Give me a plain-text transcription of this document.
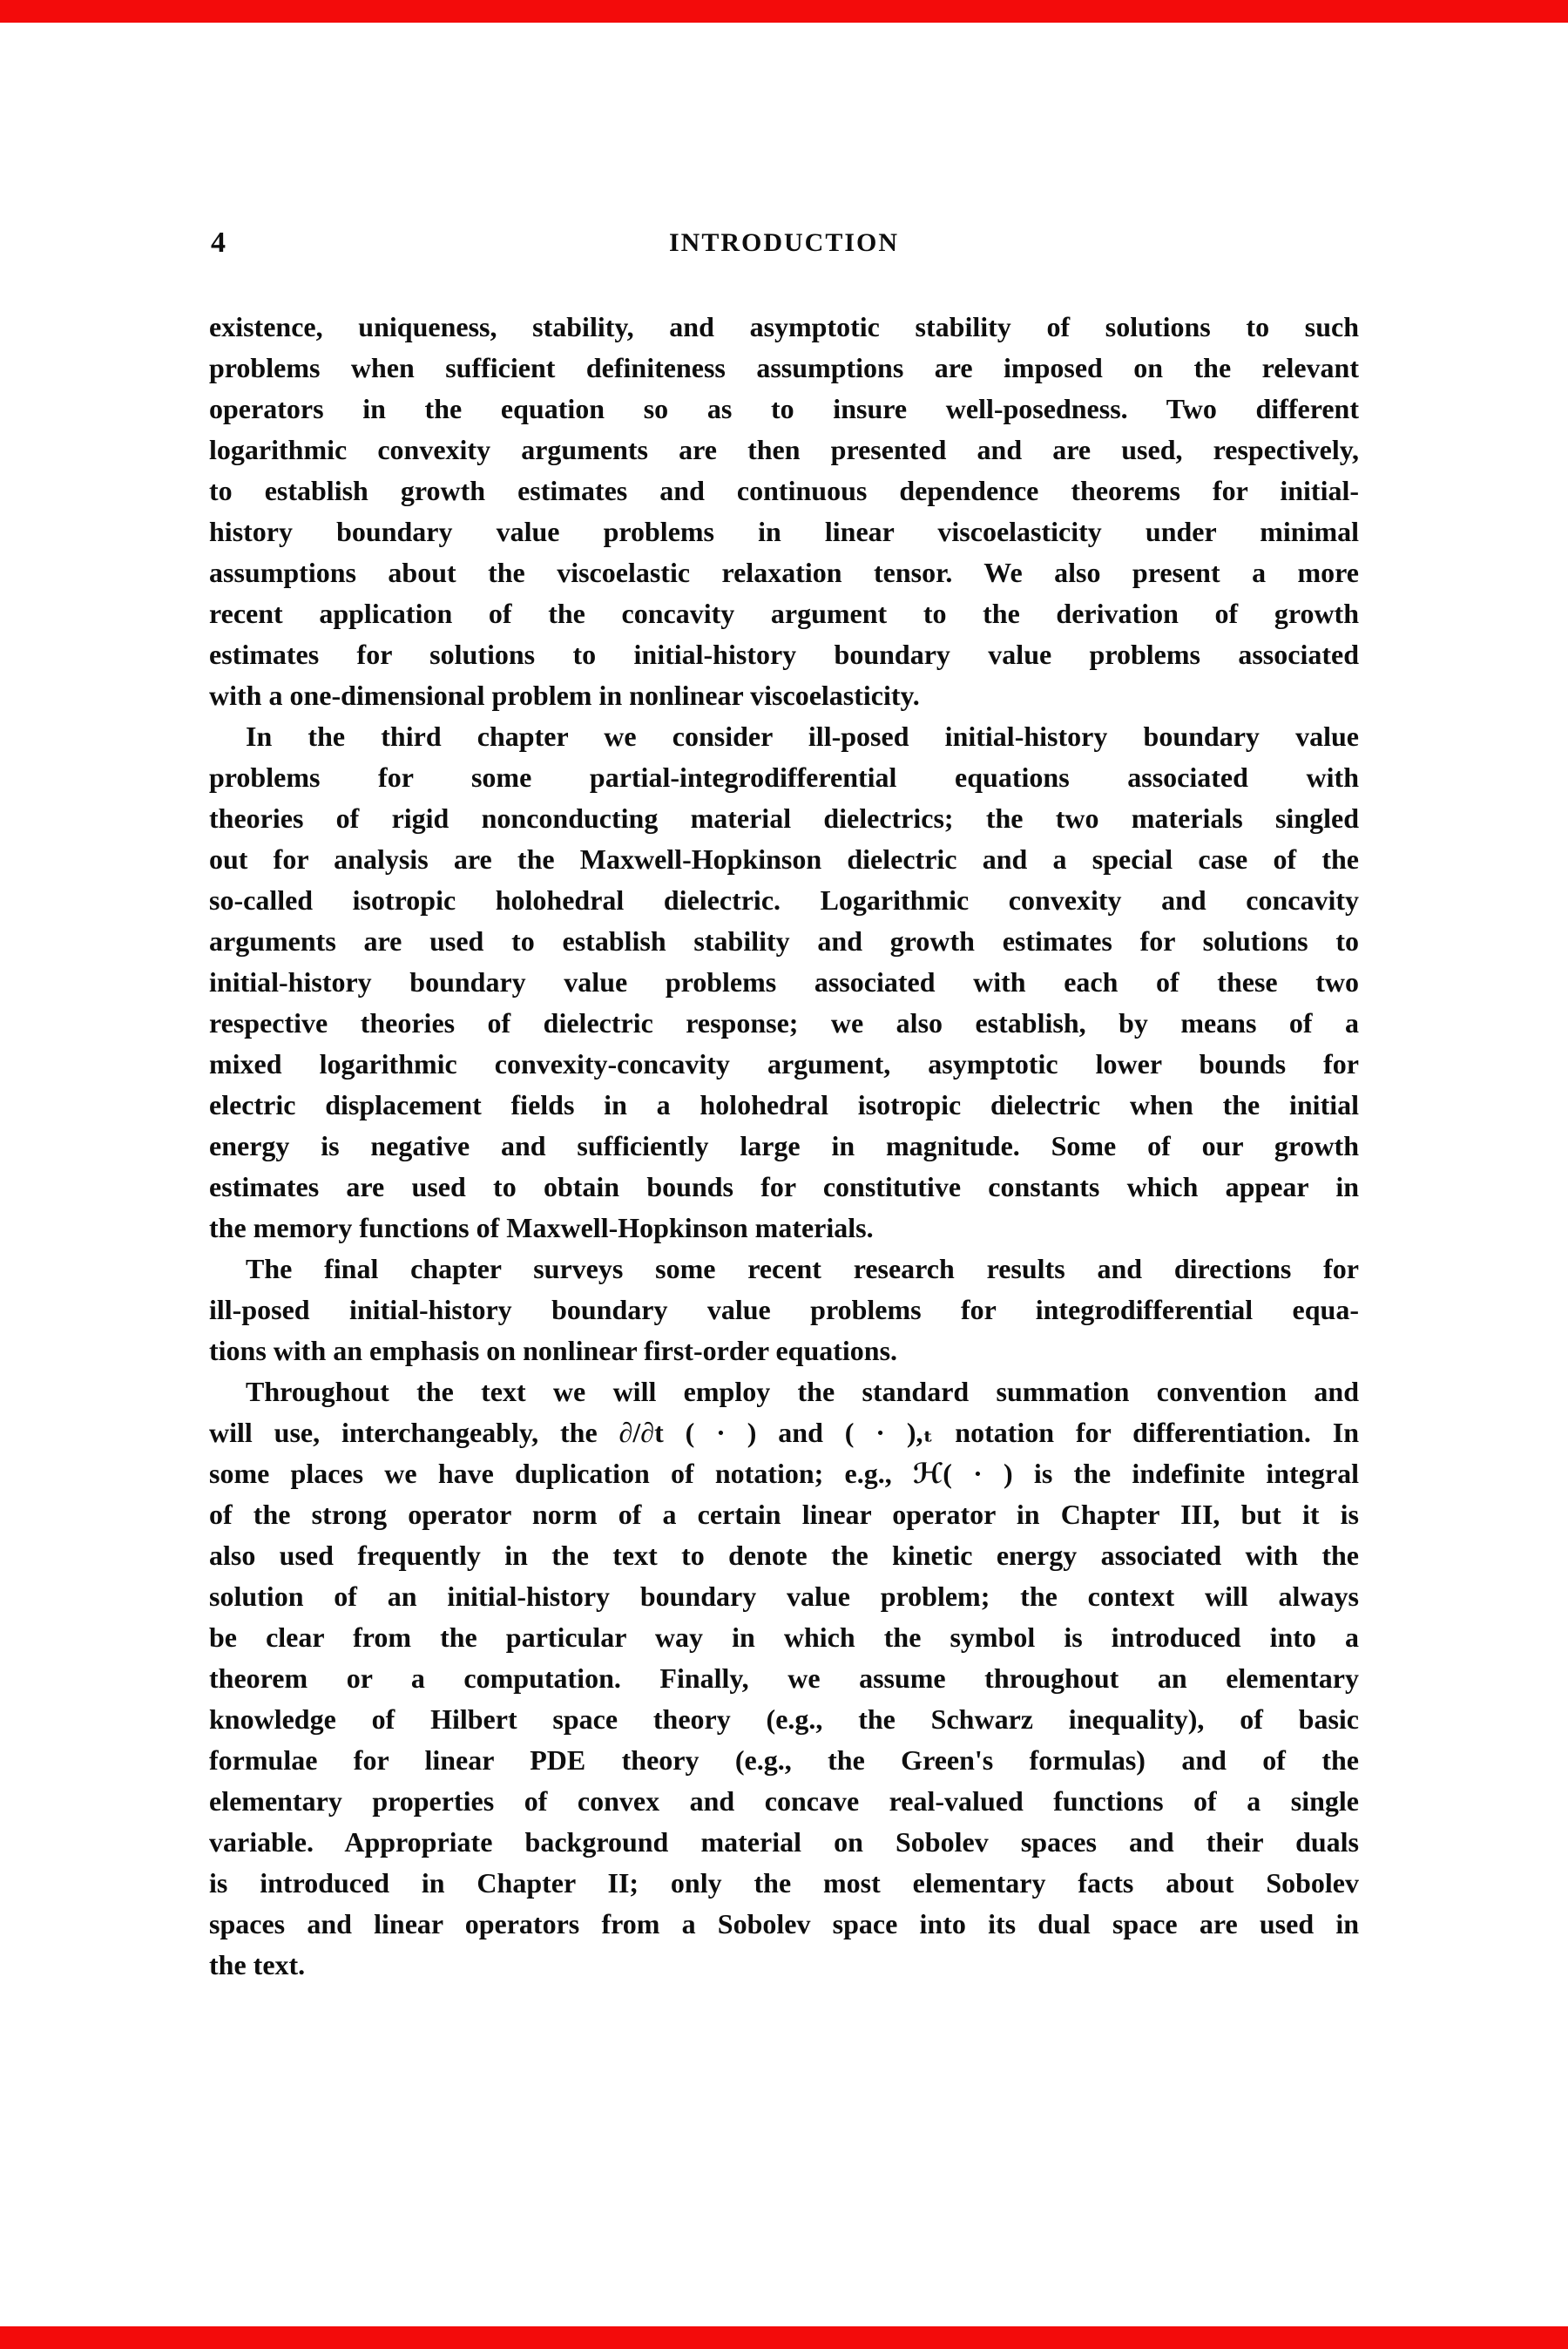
4	INTRODUCTION
existence, uniqueness, stability, and asymptotic stability of solutions to such
problems when sufficient definiteness assumptions are imposed on the relevant
operators in the equation so as to insure well-posedness. Two different
logarithmic convexity arguments are then presented and are used, respectively,
to establish growth estimates and continuous dependence theorems for initial-
history boundary value problems in linear viscoelasticity under minimal
assumptions about the viscoelastic relaxation tensor. We also present a more
recent application of the concavity argument to the derivation of growth
estimates for solutions to initial-history boundary value problems associated
with a one-dimensional problem in nonlinear viscoelasticity.
In the third chapter we consider ill-posed initial-history boundary value
problems for some partial-integrodifferential equations associated with
theories of rigid nonconducting material dielectrics; the two materials singled
out for analysis are the Maxwell-Hopkinson dielectric and a special case of the
so-called isotropic holohedral dielectric. Logarithmic convexity and concavity
arguments are used to establish stability and growth estimates for solutions to
initial-history boundary value problems associated with each of these two
respective theories of dielectric response; we also establish, by means of a
mixed logarithmic convexity-concavity argument, asymptotic lower bounds for
electric displacement fields in a holohedral isotropic dielectric when the initial
energy is negative and sufficiently large in magnitude. Some of our growth
estimates are used to obtain bounds for constitutive constants which appear in
the memory functions of Maxwell-Hopkinson materials.
The final chapter surveys some recent research results and directions for
ill-posed initial-history boundary value problems for integrodifferential equa-
tions with an emphasis on nonlinear first-order equations.
Throughout the text we will employ the standard summation convention and
will use, interchangeably, the ∂/∂t ( · ) and ( · ),ₜ notation for differentiation. In
some places we have duplication of notation; e.g., ℋ( · ) is the indefinite integral
of the strong operator norm of a certain linear operator in Chapter III, but it is
also used frequently in the text to denote the kinetic energy associated with the
solution of an initial-history boundary value problem; the context will always
be clear from the particular way in which the symbol is introduced into a
theorem or a computation. Finally, we assume throughout an elementary
knowledge of Hilbert space theory (e.g., the Schwarz inequality), of basic
formulae for linear PDE theory (e.g., the Green's formulas) and of the
elementary properties of convex and concave real-valued functions of a single
variable. Appropriate background material on Sobolev spaces and their duals
is introduced in Chapter II; only the most elementary facts about Sobolev
spaces and linear operators from a Sobolev space into its dual space are used in
the text.
